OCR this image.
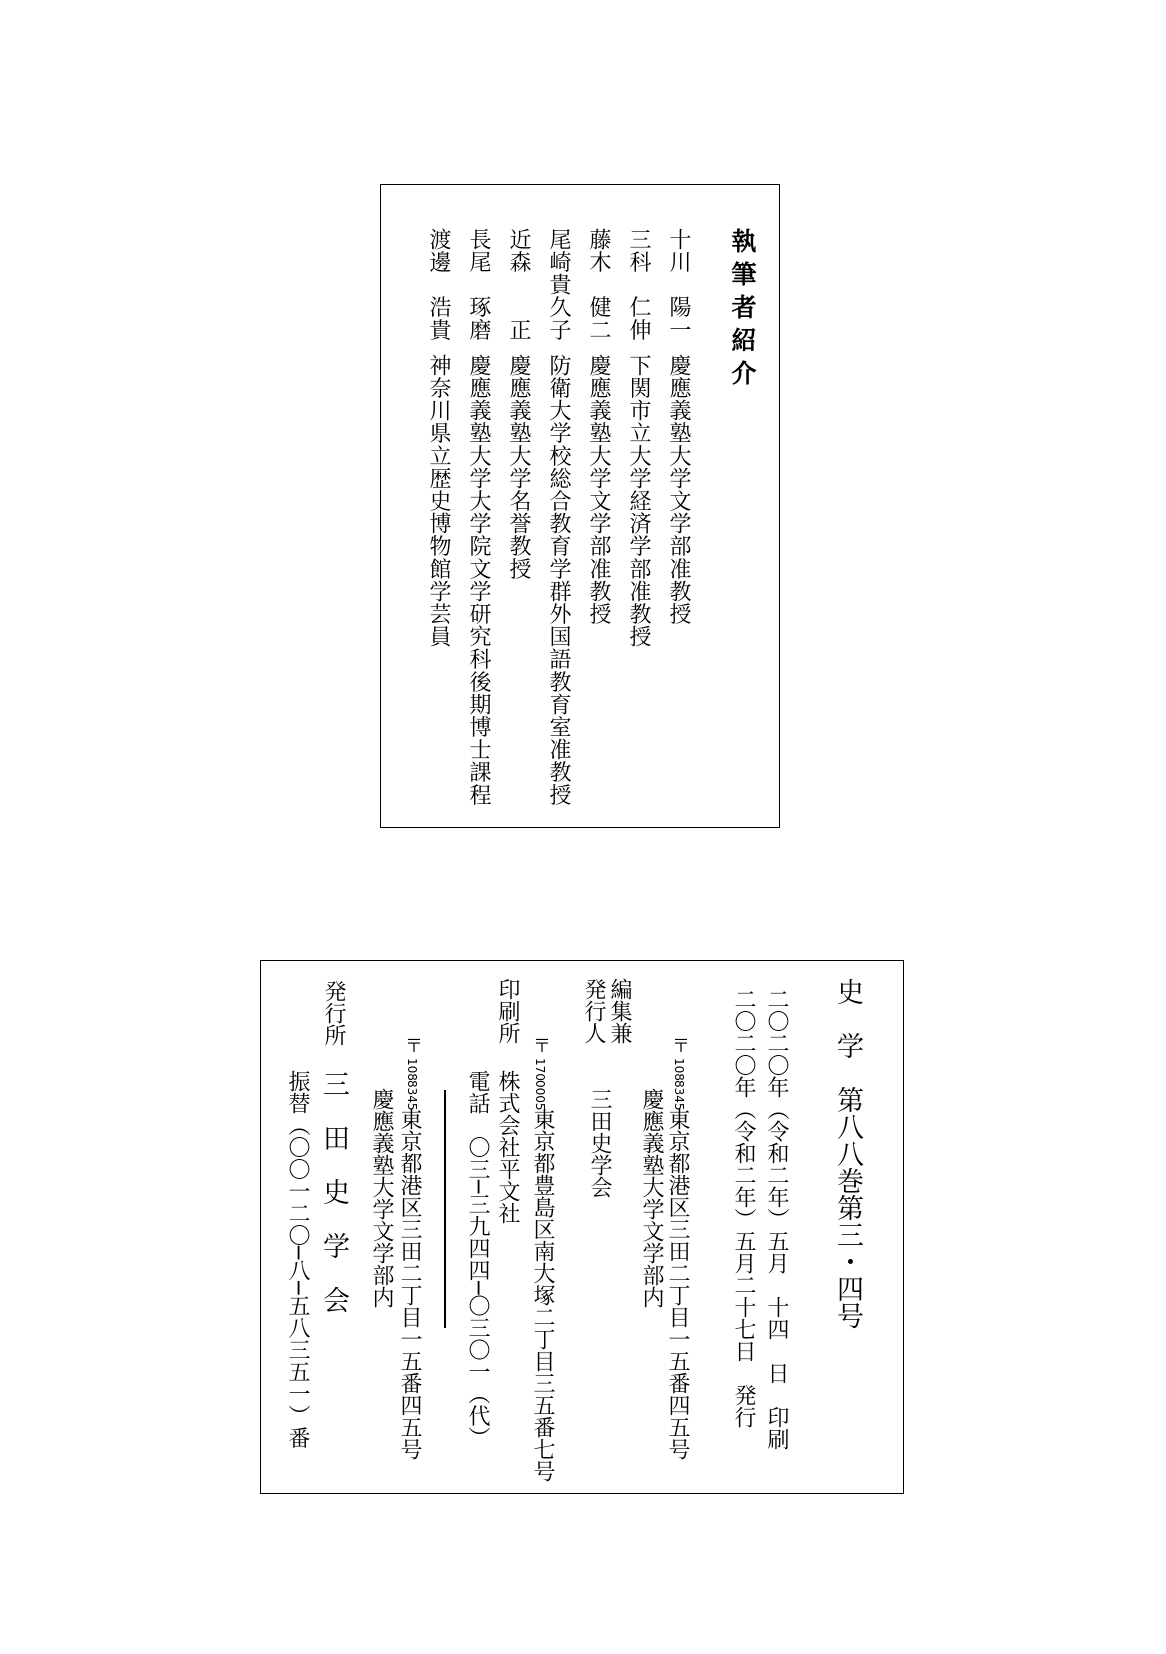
執筆者紹介
十川　陽一
慶應義塾大学文学部准教授
三科　仁伸
下関市立大学経済学部准教授
藤木　健二
慶應義塾大学文学部准教授
尾崎貴久子
防衛大学校総合教育学群外国語教育室准教授
近森　　正
慶應義塾大学名誉教授
長尾　琢磨
慶應義塾大学大学院文学研究科後期博士課程
渡邊　浩貴
神奈川県立歴史博物館学芸員
史　学　第八八巻第三・四号
二〇二〇年（令和二年）五月　十四　日　印刷
二〇二〇年（令和二年）五月二十七日　発行
編集兼
発行人
〒
108
8345
東京都港区三田二丁目一五番四五号
慶應義塾大学文学部内
三田史学会
印刷所
〒
170
0005
東京都豊島区南大塚二丁目三五番七号
株式会社平文社
電話　〇三─三九四四─〇三〇一（代）
発行所	〒
108
8345
東京都港区三田二丁目一五番四五号
慶應義塾大学文学部内
三　田　史　学　会
振替（〇〇一二〇─八─五八三五一）番
